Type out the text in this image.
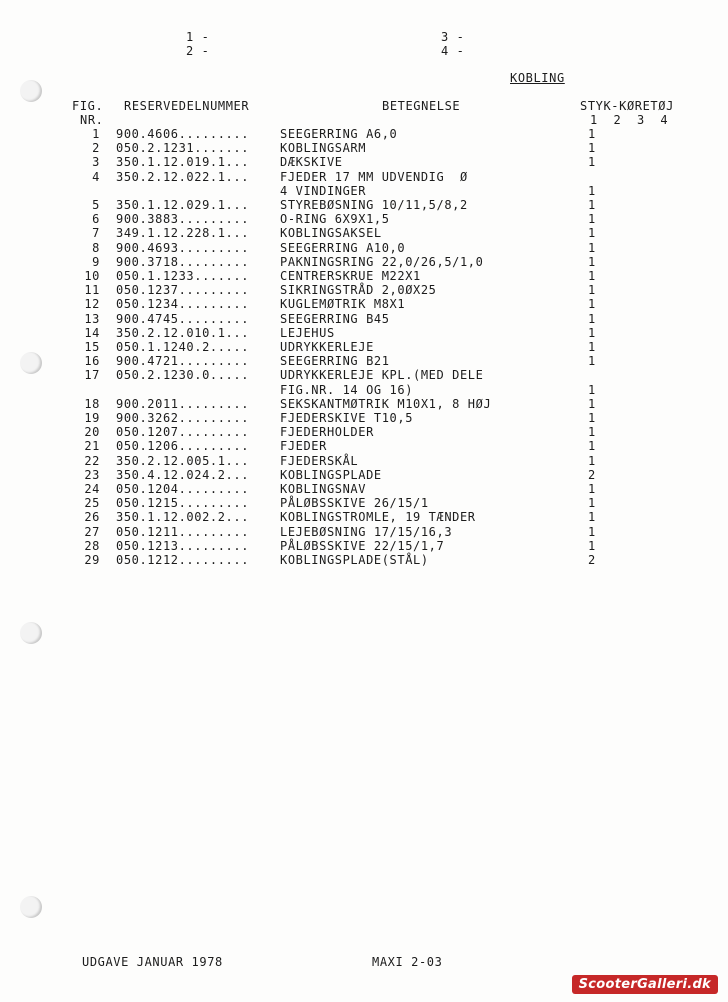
1 -
2 -
3 -
4 -
KOBLING
FIG.
NR.
RESERVEDELNUMMER	BETEGNELSE	STYK-KØRETØJ
1  2  3  4
1 900.4606.........	SEEGERRING A6,0	1
2 050.2.1231.......	KOBLINGSARM	1
3 350.1.12.019.1...	DÆKSKIVE	1
4 350.2.12.022.1...	FJEDER 17 MM UDVENDIG  Ø
4 VINDINGER	1
5 350.1.12.029.1...	STYREBØSNING 10/11,5/8,2	1
6 900.3883.........	O-RING 6X9X1,5	1
7 349.1.12.228.1...	KOBLINGSAKSEL	1
8 900.4693.........	SEEGERRING A10,0	1
9 900.3718.........	PAKNINGSRING 22,0/26,5/1,0	1
10 050.1.1233.......	CENTRERSKRUE M22X1	1
11 050.1237.........	SIKRINGSTRÅD 2,0ØX25	1
12 050.1234.........	KUGLEMØTRIK M8X1	1
13 900.4745.........	SEEGERRING B45	1
14 350.2.12.010.1...	LEJEHUS	1
15 050.1.1240.2.....	UDRYKKERLEJE	1
16 900.4721.........	SEEGERRING B21	1
17 050.2.1230.0.....	UDRYKKERLEJE KPL.(MED DELE
FIG.NR. 14 OG 16)	1
18 900.2011.........	SEKSKANTMØTRIK M10X1, 8 HØJ	1
19 900.3262.........	FJEDERSKIVE T10,5	1
20 050.1207.........	FJEDERHOLDER	1
21 050.1206.........	FJEDER	1
22 350.2.12.005.1...	FJEDERSKÅL	1
23 350.4.12.024.2...	KOBLINGSPLADE	2
24 050.1204.........	KOBLINGSNAV	1
25 050.1215.........	PÅLØBSSKIVE 26/15/1	1
26 350.1.12.002.2...	KOBLINGSTROMLE, 19 TÆNDER	1
27 050.1211.........	LEJEBØSNING 17/15/16,3	1
28 050.1213.........	PÅLØBSSKIVE 22/15/1,7	1
29 050.1212.........	KOBLINGSPLADE(STÅL)	2
UDGAVE JANUAR 1978	MAXI 2-03
ScooterGalleri.dk
